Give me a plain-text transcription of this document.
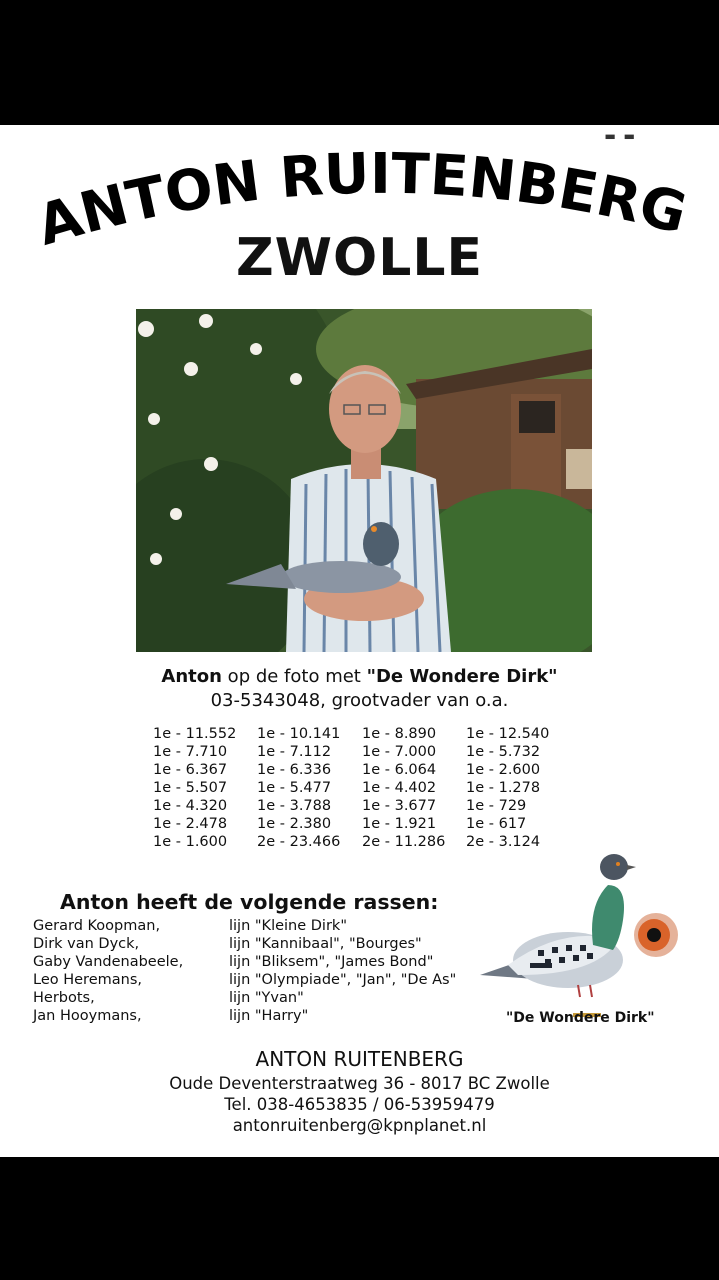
▬ ▬
ANTON RUITENBERG
ZWOLLE
Anton op de foto met "De Wondere Dirk"
03-5343048, grootvader van o.a.
1e - 11.552
1e - 7.710
1e - 6.367
1e - 5.507
1e - 4.320
1e - 2.478
1e - 1.600
1e - 10.141
1e - 7.112
1e - 6.336
1e - 5.477
1e - 3.788
1e - 2.380
2e - 23.466
1e - 8.890
1e - 7.000
1e - 6.064
1e - 4.402
1e - 3.677
1e - 1.921
2e - 11.286
1e - 12.540
1e - 5.732
1e - 2.600
1e - 1.278
1e - 729
1e - 617
2e - 3.124
Anton heeft de volgende rassen:
Gerard Koopman,
Dirk van Dyck,
Gaby Vandenabeele,
Leo Heremans,
Herbots,
Jan Hooymans,
lijn "Kleine Dirk"
lijn "Kannibaal", "Bourges"
lijn "Bliksem", "James Bond"
lijn "Olympiade", "Jan", "De As"
lijn "Yvan"
lijn "Harry"	"De Wondere Dirk"
ANTON RUITENBERG
Oude Deventerstraatweg 36 - 8017 BC Zwolle
Tel. 038-4653835 / 06-53959479
antonruitenberg@kpnplanet.nl
